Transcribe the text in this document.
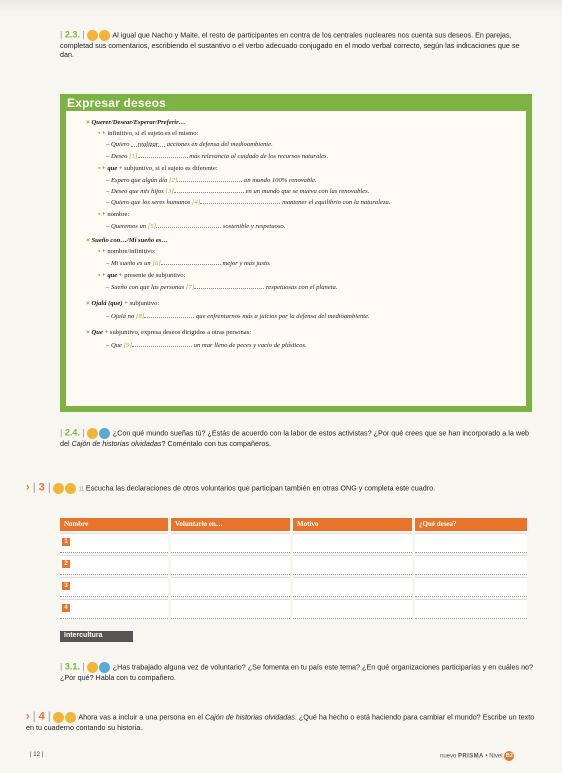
| 2.3. |	Al igual que Nacho y Maite, el resto de participantes en contra de los centrales nucleares nos cuenta sus deseos. En parejas, completad sus comentarios, escribiendo el sustantivo o el verbo adecuado conjugado en el modo verbal correcto, según las indicaciones que se dan.
Expresar deseos
× Querer/Desear/Esperar/Preferir…
• + infinitivo, si el sujeto es el mismo:
– Quiero realizar acciones en defensa del medioambiente.
– Deseo [1]	más relevancia al cuidado de los recursos naturales.
• + que + subjuntivo, si el sujeto es diferente:
– Espero que algún día [2]	un mundo 100% renovable.
– Deseo que mis hijos [3]	en un mundo que se mueva con las renovables.
– Quiero que los seres humanos [4]	mantener el equilibrio con la naturaleza.
• + nombre:
– Queremos un [5]	sostenible y respetuoso.
× Sueño con…/Mi sueño es…
• + nombre/infinitivo:
– Mi sueño es un [6]	mejor y más justo.
• + que + presente de subjuntivo:
– Sueño con que las personas [7]	respetuosas con el planeta.
× Ojalá (que) + subjuntivo:
– Ojalá no [8]	que enfrentarnos más a juicios por la defensa del medioambiente.
× Que + subjuntivo, expresa deseos dirigidos a otras personas:
– Que [9]	un mar lleno de peces y vacío de plásticos.
| 2.4. |	¿Con qué mundo sueñas tú? ¿Estás de acuerdo con la labor de estos activistas? ¿Por qué crees que se han incorporado a la web del Cajón de historias olvidadas? Coméntalo con tus compañeros.
› | 3 |	11 Escucha las declaraciones de otros voluntarios que participan también en otras ONG y completa este cuadro.
Nombre	Voluntario en…	Motivo	¿Qué desea?
1
2
3
4
Intercultura
| 3.1. |	¿Has trabajado alguna vez de voluntario? ¿Se fomenta en tu país este tema? ¿En qué organizaciones participarías y en cuáles no? ¿Por qué? Habla con tu compañero.
› | 4 |	Ahora vas a incluir a una persona en el Cajón de historias olvidadas. ¿Qué ha hecho o está haciendo para cambiar el mundo? Escribe un texto en tu cuaderno contando su historia.
| 12 |	nuevo PRISMA • Nivel B2
